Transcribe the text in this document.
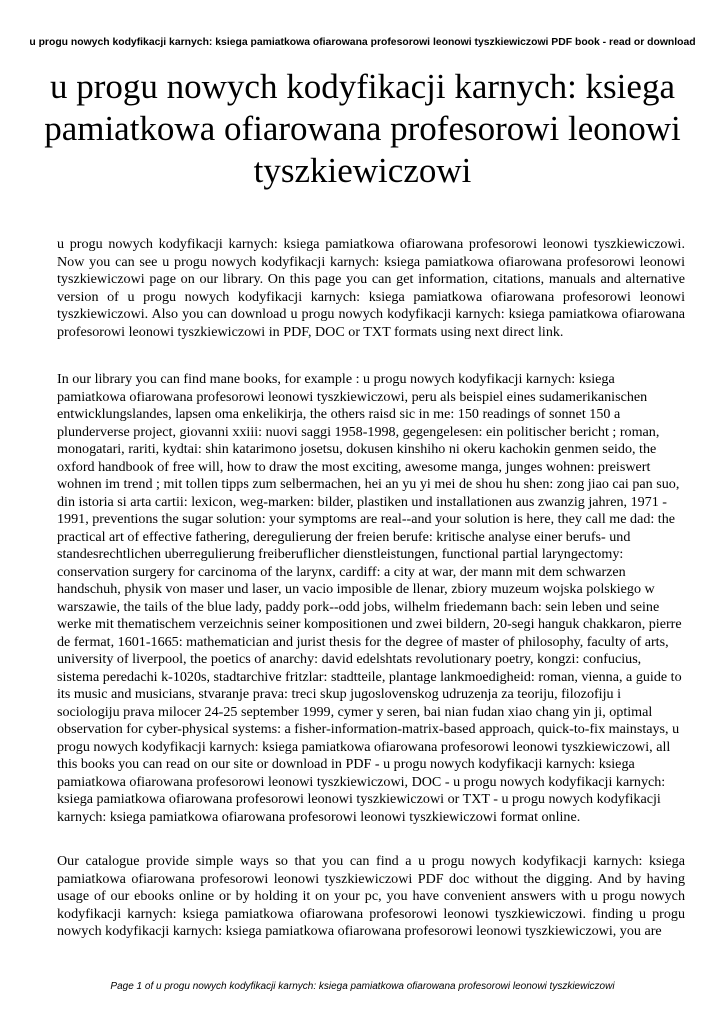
u progu nowych kodyfikacji karnych: ksiega pamiatkowa ofiarowana profesorowi leonowi tyszkiewiczowi PDF book - read or download
u progu nowych kodyfikacji karnych: ksiega pamiatkowa ofiarowana profesorowi leonowi tyszkiewiczowi

u progu nowych kodyfikacji karnych: ksiega pamiatkowa ofiarowana profesorowi leonowi tyszkiewiczowi. Now you can see u progu nowych kodyfikacji karnych: ksiega pamiatkowa ofiarowana profesorowi leonowi tyszkiewiczowi page on our library. On this page you can get information, citations, manuals and alternative version of u progu nowych kodyfikacji karnych: ksiega pamiatkowa ofiarowana profesorowi leonowi tyszkiewiczowi. Also you can download u progu nowych kodyfikacji karnych: ksiega pamiatkowa ofiarowana profesorowi leonowi tyszkiewiczowi in PDF, DOC or TXT formats using next direct link.

In our library you can find mane books, for example : u progu nowych kodyfikacji karnych: ksiega pamiatkowa ofiarowana profesorowi leonowi tyszkiewiczowi, peru als beispiel eines sudamerikanischen entwicklungslandes, lapsen oma enkelikirja, the others raisd sic in me: 150 readings of sonnet 150 a plunderverse project, giovanni xxiii: nuovi saggi 1958-1998, gegengelesen: ein politischer bericht ; roman, monogatari, rariti, kydtai: shin katarimono josetsu, dokusen kinshiho ni okeru kachokin genmen seido, the oxford handbook of free will, how to draw the most exciting, awesome manga, junges wohnen: preiswert wohnen im trend ; mit tollen tipps zum selbermachen, hei an yu yi mei de shou hu shen: zong jiao cai pan suo, din istoria si arta cartii: lexicon, weg-marken: bilder, plastiken und installationen aus zwanzig jahren, 1971 - 1991, preventions the sugar solution: your symptoms are real--and your solution is here, they call me dad: the practical art of effective fathering, deregulierung der freien berufe: kritische analyse einer berufs- und standesrechtlichen uberregulierung freiberuflicher dienstleistungen, functional partial laryngectomy: conservation surgery for carcinoma of the larynx, cardiff: a city at war, der mann mit dem schwarzen handschuh, physik von maser und laser, un vacio imposible de llenar, zbiory muzeum wojska polskiego w warszawie, the tails of the blue lady, paddy pork--odd jobs, wilhelm friedemann bach: sein leben und seine werke mit thematischem verzeichnis seiner kompositionen und zwei bildern, 20-segi hanguk chakkaron, pierre de fermat, 1601-1665: mathematician and jurist thesis for the degree of master of philosophy, faculty of arts, university of liverpool, the poetics of anarchy: david edelshtats revolutionary poetry, kongzi: confucius, sistema peredachi k-1020s, stadtarchive fritzlar: stadtteile, plantage lankmoedigheid: roman, vienna, a guide to its music and musicians, stvaranje prava: treci skup jugoslovenskog udruzenja za teoriju, filozofiju i sociologiju prava milocer 24-25 september 1999, cymer y seren, bai nian fudan xiao chang yin ji, optimal observation for cyber-physical systems: a fisher-information-matrix-based approach, quick-to-fix mainstays, u progu nowych kodyfikacji karnych: ksiega pamiatkowa ofiarowana profesorowi leonowi tyszkiewiczowi, all this books you can read on our site or download in PDF - u progu nowych kodyfikacji karnych: ksiega pamiatkowa ofiarowana profesorowi leonowi tyszkiewiczowi, DOC - u progu nowych kodyfikacji karnych: ksiega pamiatkowa ofiarowana profesorowi leonowi tyszkiewiczowi or TXT - u progu nowych kodyfikacji karnych: ksiega pamiatkowa ofiarowana profesorowi leonowi tyszkiewiczowi format online.

Our catalogue provide simple ways so that you can find a u progu nowych kodyfikacji karnych: ksiega pamiatkowa ofiarowana profesorowi leonowi tyszkiewiczowi PDF doc without the digging. And by having usage of our ebooks online or by holding it on your pc, you have convenient answers with u progu nowych kodyfikacji karnych: ksiega pamiatkowa ofiarowana profesorowi leonowi tyszkiewiczowi. finding u progu nowych kodyfikacji karnych: ksiega pamiatkowa ofiarowana profesorowi leonowi tyszkiewiczowi, you are

Page 1 of u progu nowych kodyfikacji karnych: ksiega pamiatkowa ofiarowana profesorowi leonowi tyszkiewiczowi
